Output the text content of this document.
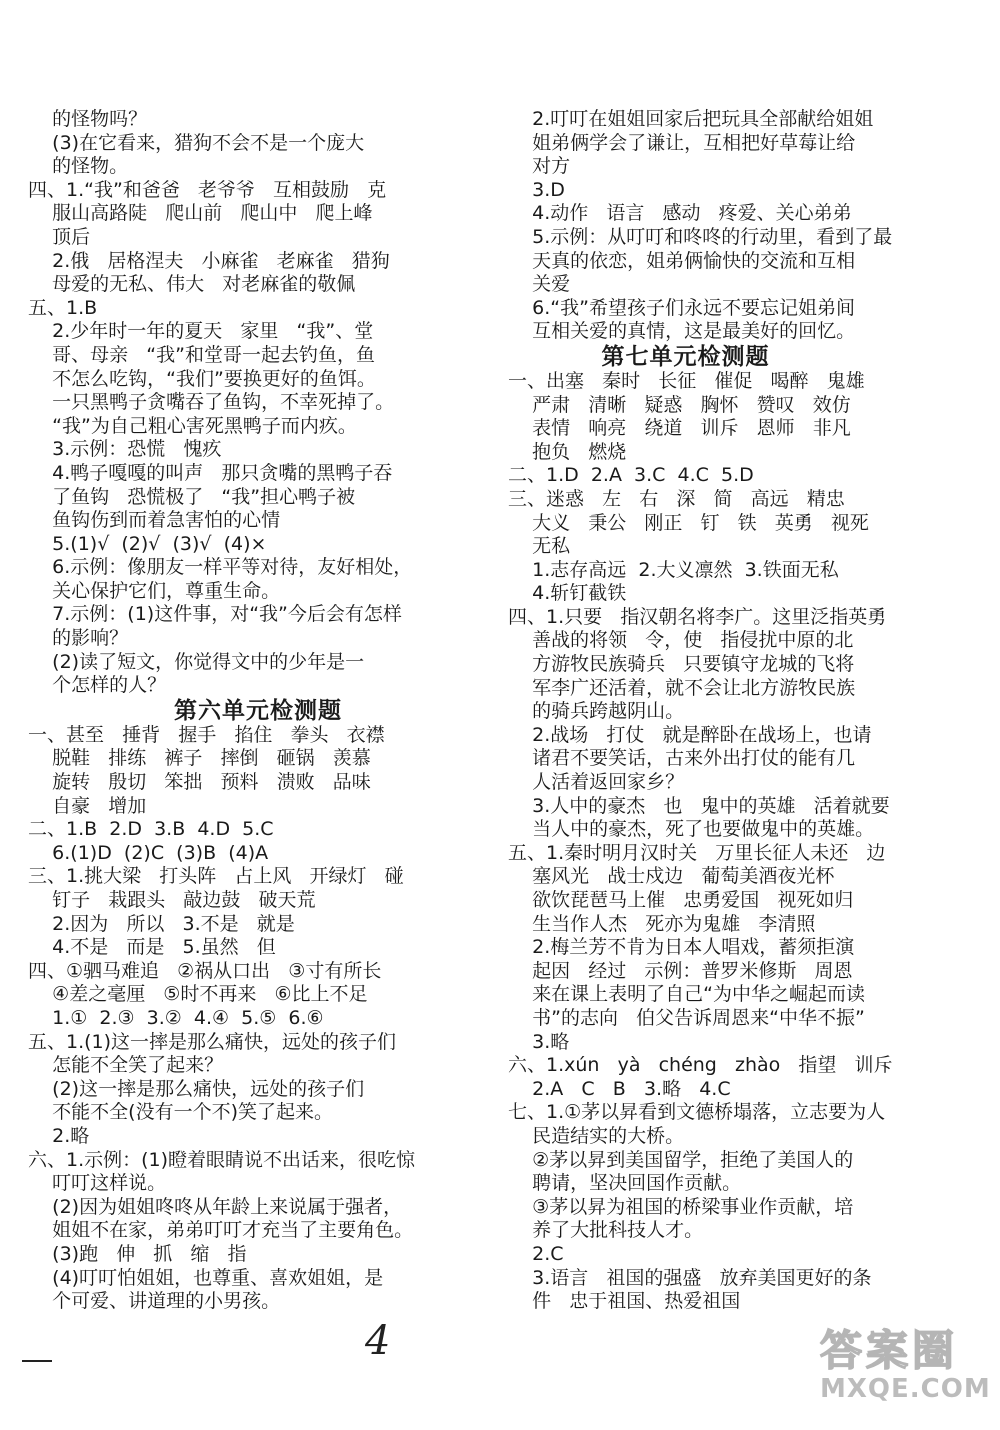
的怪物吗？
(3)在它看来，猎狗不会不是一个庞大
的怪物。
四、1.“我”和爸爸   老爷爷   互相鼓励   克
服山高路陡   爬山前   爬山中   爬上峰
顶后
2.俄   居格涅夫   小麻雀   老麻雀   猎狗
母爱的无私、伟大   对老麻雀的敬佩
五、1.B
2.少年时一年的夏天   家里   “我”、堂
哥、母亲   “我”和堂哥一起去钓鱼，鱼
不怎么吃钩，“我们”要换更好的鱼饵。
一只黑鸭子贪嘴吞了鱼钩，不幸死掉了。
“我”为自己粗心害死黑鸭子而内疚。
3.示例：恐慌   愧疚
4.鸭子嘎嘎的叫声   那只贪嘴的黑鸭子吞
了鱼钩   恐慌极了   “我”担心鸭子被
鱼钩伤到而着急害怕的心情
5.(1)√  (2)√  (3)√  (4)×
6.示例：像朋友一样平等对待，友好相处，
关心保护它们，尊重生命。
7.示例：(1)这件事，对“我”今后会有怎样
的影响？
(2)读了短文，你觉得文中的少年是一
个怎样的人？
第六单元检测题
一、甚至   捶背   握手   掐住   拳头   衣襟
脱鞋   排练   裤子   摔倒   砸锅   羡慕
旋转   殷切   笨拙   预料   溃败   品味
自豪   增加
二、1.B  2.D  3.B  4.D  5.C
6.(1)D  (2)C  (3)B  (4)A
三、1.挑大梁   打头阵   占上风   开绿灯   碰
钉子   栽跟头   敲边鼓   破天荒
2.因为   所以   3.不是   就是
4.不是   而是   5.虽然   但
四、①驷马难追   ②祸从口出   ③寸有所长
④差之毫厘   ⑤时不再来   ⑥比上不足
1.①  2.③  3.②  4.④  5.⑤  6.⑥
五、1.(1)这一摔是那么痛快，远处的孩子们
怎能不全笑了起来？
(2)这一摔是那么痛快，远处的孩子们
不能不全(没有一个不)笑了起来。
2.略
六、1.示例：(1)瞪着眼睛说不出话来，很吃惊
叮叮这样说。
(2)因为姐姐咚咚从年龄上来说属于强者，
姐姐不在家，弟弟叮叮才充当了主要角色。
(3)跑   伸   抓   缩   指
(4)叮叮怕姐姐，也尊重、喜欢姐姐，是
个可爱、讲道理的小男孩。
2.叮叮在姐姐回家后把玩具全部献给姐姐
姐弟俩学会了谦让，互相把好草莓让给
对方
3.D
4.动作   语言   感动   疼爱、关心弟弟
5.示例：从叮叮和咚咚的行动里，看到了最
天真的依恋，姐弟俩愉快的交流和互相
关爱
6.“我”希望孩子们永远不要忘记姐弟间
互相关爱的真情，这是最美好的回忆。
第七单元检测题
一、出塞   秦时   长征   催促   喝醉   鬼雄
严肃   清晰   疑惑   胸怀   赞叹   效仿
表情   响亮   绕道   训斥   恩师   非凡
抱负   燃烧
二、1.D  2.A  3.C  4.C  5.D
三、迷惑   左   右   深   简   高远   精忠
大义   秉公   刚正   钉   铁   英勇   视死
无私
1.志存高远  2.大义凛然  3.铁面无私
4.斩钉截铁
四、1.只要   指汉朝名将李广。这里泛指英勇
善战的将领   令，使   指侵扰中原的北
方游牧民族骑兵   只要镇守龙城的飞将
军李广还活着，就不会让北方游牧民族
的骑兵跨越阴山。
2.战场   打仗   就是醉卧在战场上，也请
诸君不要笑话，古来外出打仗的能有几
人活着返回家乡？
3.人中的豪杰   也   鬼中的英雄   活着就要
当人中的豪杰，死了也要做鬼中的英雄。
五、1.秦时明月汉时关   万里长征人未还   边
塞风光   战士戍边   葡萄美酒夜光杯
欲饮琵琶马上催   忠勇爱国   视死如归
生当作人杰   死亦为鬼雄   李清照
2.梅兰芳不肯为日本人唱戏，蓄须拒演
起因   经过   示例：普罗米修斯   周恩
来在课上表明了自己“为中华之崛起而读
书”的志向   伯父告诉周恩来“中华不振”
3.略
六、1.xún   yà   chéng   zhào   指望   训斥
2.A   C   B   3.略   4.C
七、1.①茅以昇看到文德桥塌落，立志要为人
民造结实的大桥。
②茅以昇到美国留学，拒绝了美国人的
聘请，坚决回国作贡献。
③茅以昇为祖国的桥梁事业作贡献，培
养了大批科技人才。
2.C
3.语言   祖国的强盛   放弃美国更好的条
件   忠于祖国、热爱祖国
4	答案圈
MXQE.COM
